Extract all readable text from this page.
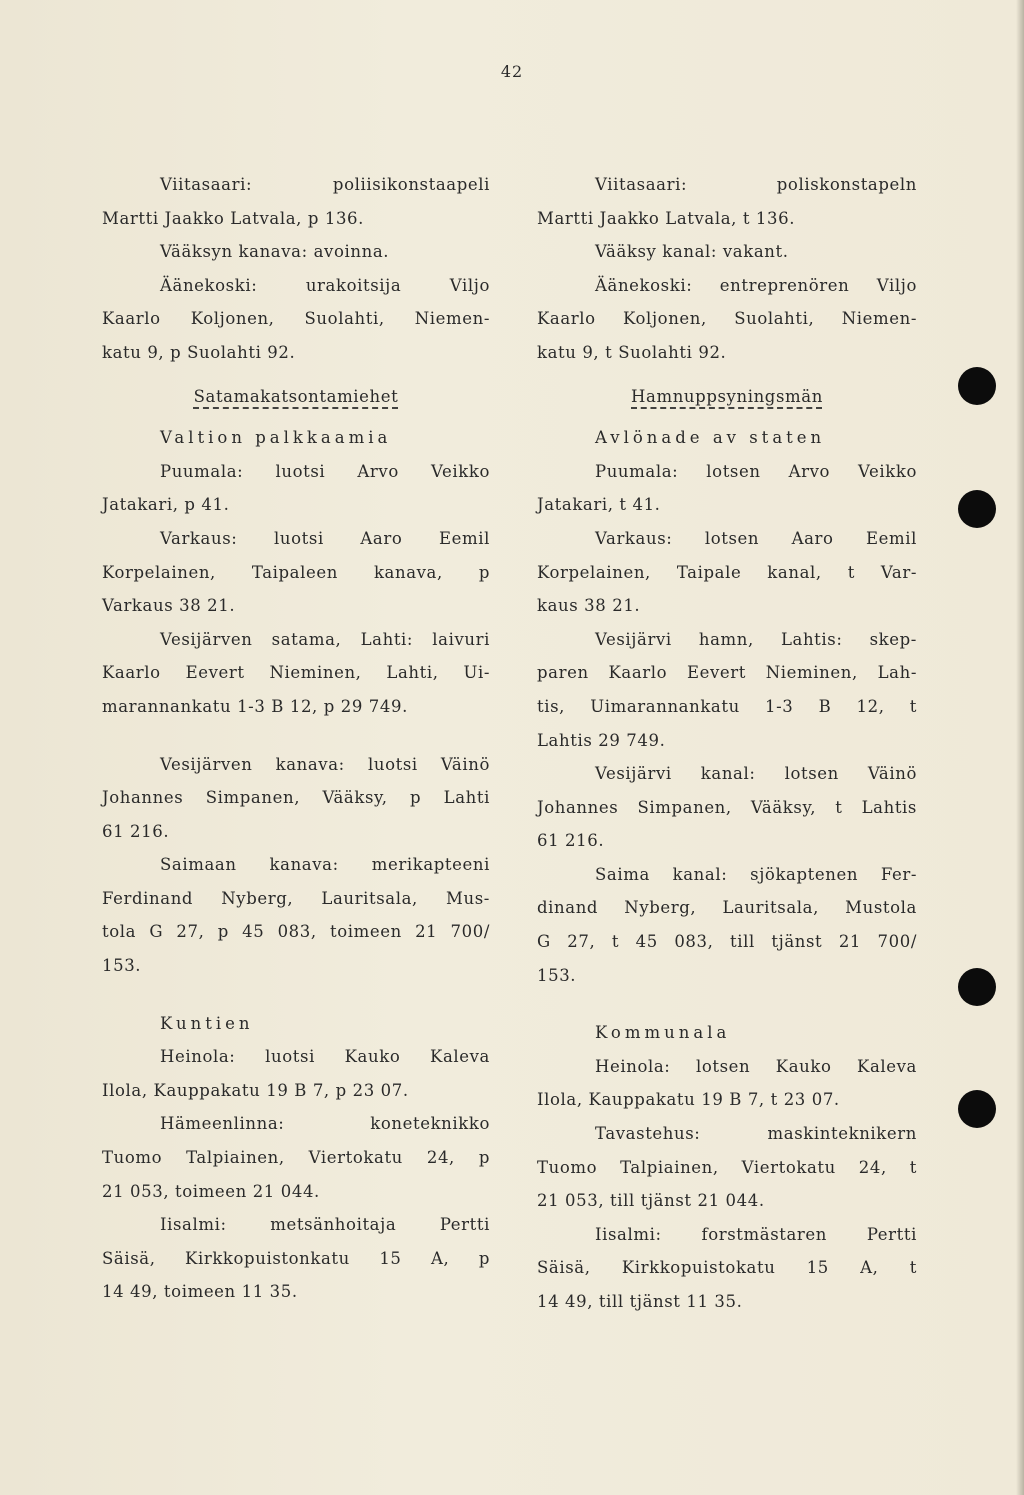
42
Viitasaari: poliisikonstaapeli
Martti Jaakko Latvala, p 136.
Vääksyn kanava: avoinna.
Äänekoski: urakoitsija Viljo
Kaarlo Koljonen, Suolahti, Niemen-
katu 9, p Suolahti 92.
Satamakatsontamiehet
Valtion palkkaamia
Puumala: luotsi Arvo Veikko
Jatakari, p 41.
Varkaus: luotsi Aaro Eemil
Korpelainen, Taipaleen kanava, p
Varkaus 38 21.
Vesijärven satama, Lahti: laivuri
Kaarlo Eevert Nieminen, Lahti, Ui-
marannankatu 1-3 B 12, p 29 749.
Vesijärven kanava: luotsi Väinö
Johannes Simpanen, Vääksy, p Lahti
61 216.
Saimaan kanava: merikapteeni
Ferdinand Nyberg, Lauritsala, Mus-
tola G 27, p 45 083, toimeen 21 700/
153.
Kuntien
Heinola: luotsi Kauko Kaleva
Ilola, Kauppakatu 19 B 7, p 23 07.
Hämeenlinna: koneteknikko
Tuomo Talpiainen, Viertokatu 24, p
21 053, toimeen 21 044.
Iisalmi: metsänhoitaja Pertti
Säisä, Kirkkopuistonkatu 15 A, p
14 49, toimeen 11 35.
Viitasaari: poliskonstapeln
Martti Jaakko Latvala, t 136.
Vääksy kanal: vakant.
Äänekoski: entreprenören Viljo
Kaarlo Koljonen, Suolahti, Niemen-
katu 9, t Suolahti 92.
Hamnuppsyningsmän
Avlönade av staten
Puumala: lotsen Arvo Veikko
Jatakari, t 41.
Varkaus: lotsen Aaro Eemil
Korpelainen, Taipale kanal, t Var-
kaus 38 21.
Vesijärvi hamn, Lahtis: skep-
paren Kaarlo Eevert Nieminen, Lah-
tis, Uimarannankatu 1-3 B 12, t
Lahtis 29 749.
Vesijärvi kanal: lotsen Väinö
Johannes Simpanen, Vääksy, t Lahtis
61 216.
Saima kanal: sjökaptenen Fer-
dinand Nyberg, Lauritsala, Mustola
G 27, t 45 083, till tjänst 21 700/
153.
Kommunala
Heinola: lotsen Kauko Kaleva
Ilola, Kauppakatu 19 B 7, t 23 07.
Tavastehus: maskinteknikern
Tuomo Talpiainen, Viertokatu 24, t
21 053, till tjänst 21 044.
Iisalmi: forstmästaren Pertti
Säisä, Kirkkopuistokatu 15 A, t
14 49, till tjänst 11 35.
